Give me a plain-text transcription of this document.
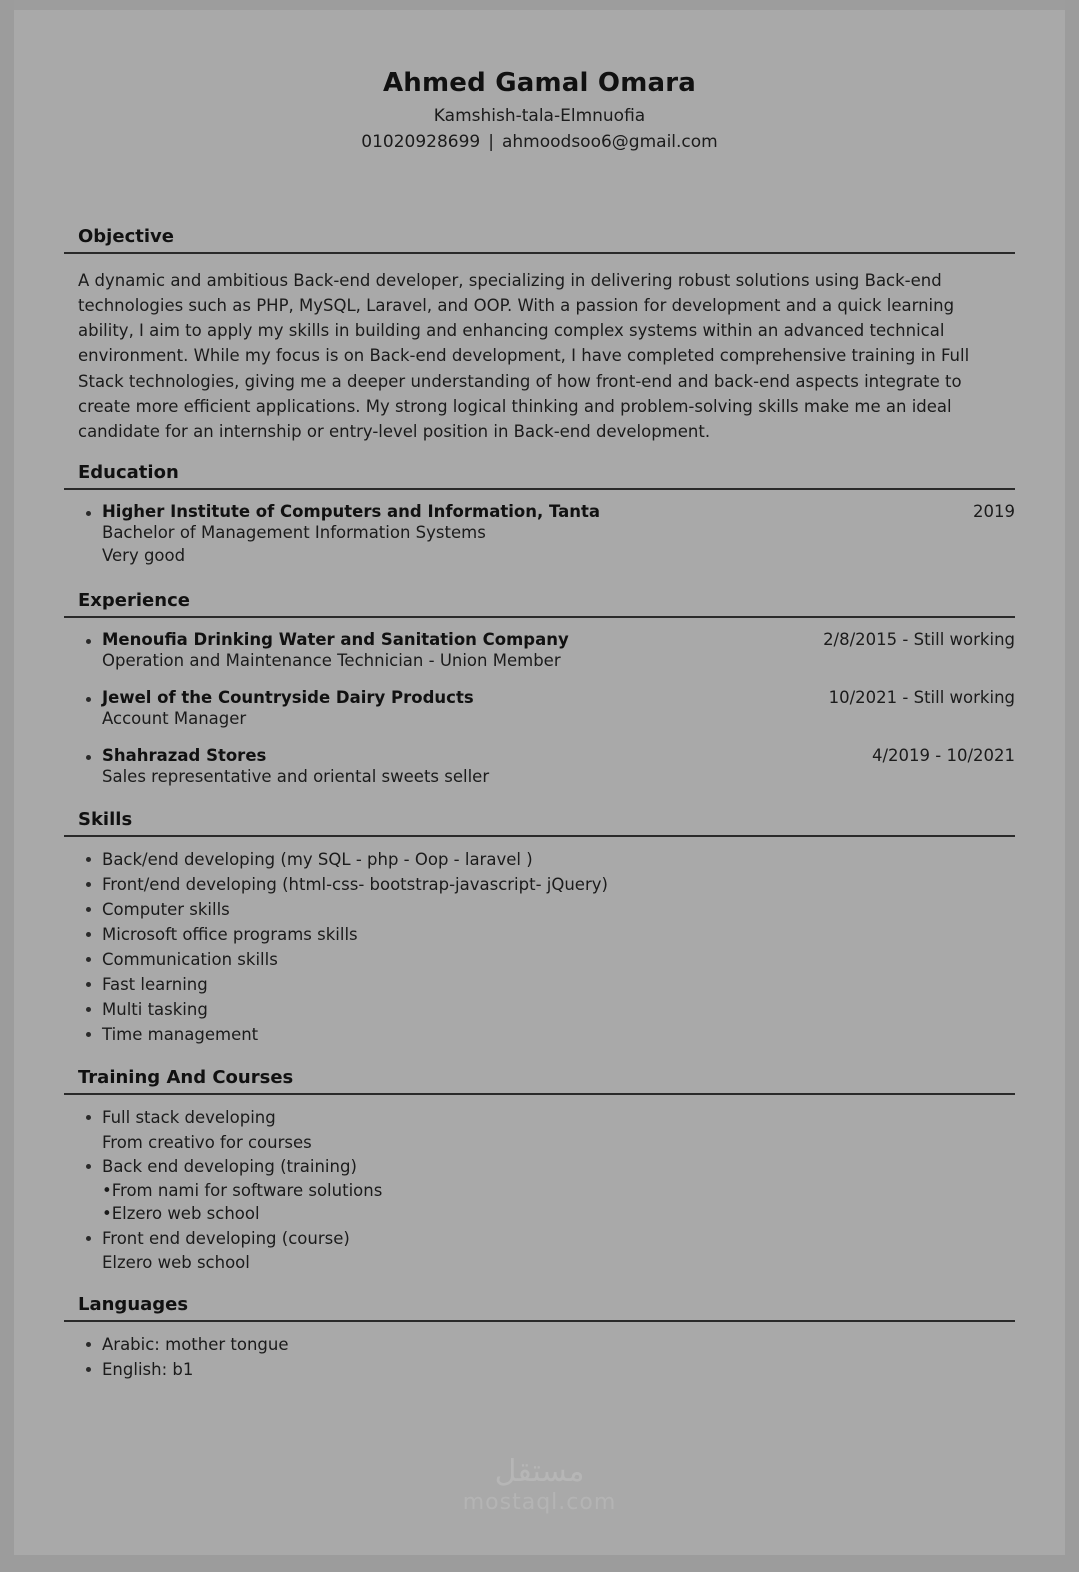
Ahmed Gamal Omara
Kamshish-tala-Elmnuofia
01020928699 | ahmoodsoo6@gmail.com
Objective
A dynamic and ambitious Back-end developer, specializing in delivering robust solutions using Back-end technologies such as PHP, MySQL, Laravel, and OOP. With a passion for development and a quick learning ability, I aim to apply my skills in building and enhancing complex systems within an advanced technical environment. While my focus is on Back-end development, I have completed comprehensive training in Full Stack technologies, giving me a deeper understanding of how front-end and back-end aspects integrate to create more efficient applications. My strong logical thinking and problem-solving skills make me an ideal candidate for an internship or entry-level position in Back-end development.
Education
Higher Institute of Computers and Information, Tanta	2019
Bachelor of Management Information Systems
Very good
Experience
Menoufia Drinking Water and Sanitation Company	2/8/2015 - Still working
Operation and Maintenance Technician - Union Member
Jewel of the Countryside Dairy Products	10/2021 - Still working
Account Manager
Shahrazad Stores	4/2019 - 10/2021
Sales representative and oriental sweets seller
Skills
Back/end developing (my SQL - php - Oop - laravel )
Front/end developing (html-css- bootstrap-javascript- jQuery)
Computer skills
Microsoft office programs skills
Communication skills
Fast learning
Multi tasking
Time management
Training And Courses
Full stack developing
From creativo for courses
Back end developing (training)
•From nami for software solutions
•Elzero web school
Front end developing (course)
Elzero web school
Languages
Arabic: mother tongue
English: b1
مستقل
mostaql.com
